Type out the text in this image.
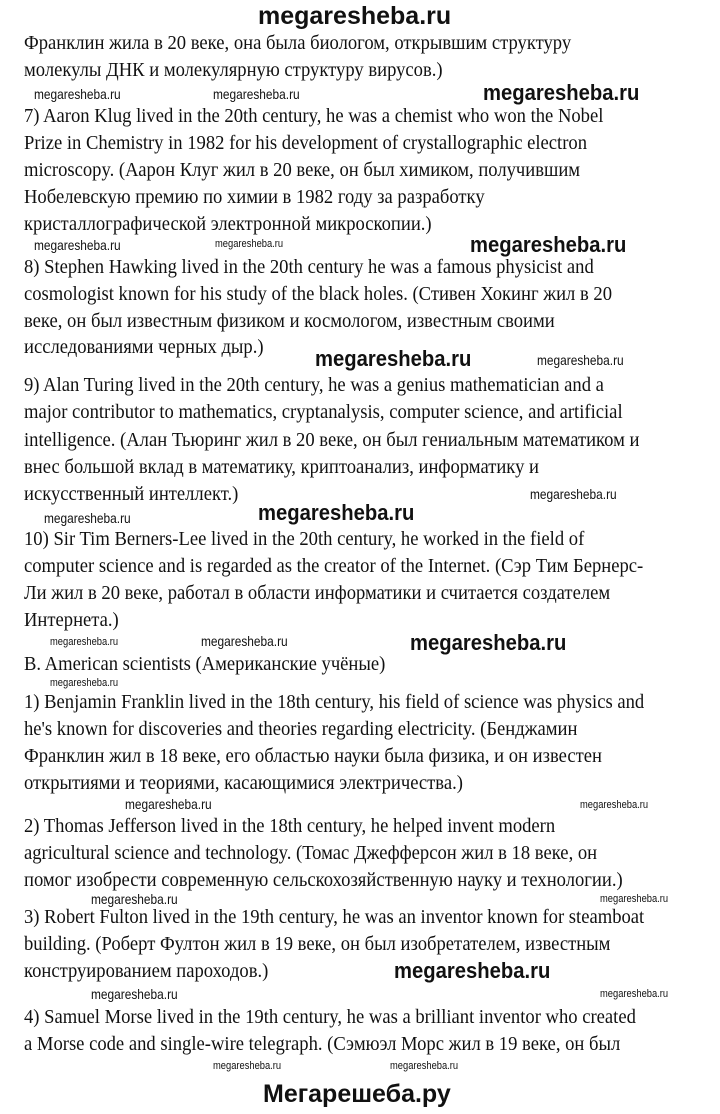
megaresheba.ru
Франклин жила в 20 веке, она была биологом, открывшим структуру
молекулы ДНК и молекулярную структуру вирусов.)
7) Aaron Klug lived in the 20th century, he was a chemist who won the Nobel
Prize in Chemistry in 1982 for his development of crystallographic electron
microscopy. (Аарон Клуг жил в 20 веке, он был химиком, получившим
Нобелевскую премию по химии в 1982 году за разработку
кристаллографической электронной микроскопии.)
8) Stephen Hawking lived in the 20th century he was a famous physicist and
cosmologist known for his study of the black holes. (Стивен Хокинг жил в 20
веке, он был известным физиком и космологом, известным своими
исследованиями черных дыр.)
9) Alan Turing lived in the 20th century, he was a genius mathematician and a
major contributor to mathematics, cryptanalysis, computer science, and artificial
intelligence. (Алан Тьюринг жил в 20 веке, он был гениальным математиком и
внес большой вклад в математику, криптоанализ, информатику и
искусственный интеллект.)
10) Sir Tim Berners-Lee lived in the 20th century, he worked in the field of
computer science and is regarded as the creator of the Internet. (Сэр Тим Бернерс-
Ли жил в 20 веке, работал в области информатики и считается создателем
Интернета.)
B. American scientists (Американские учёные)
1) Benjamin Franklin lived in the 18th century, his field of science was physics and
he's known for discoveries and theories regarding electricity. (Бенджамин
Франклин жил в 18 веке, его областью науки была физика, и он известен
открытиями и теориями, касающимися электричества.)
2) Thomas Jefferson lived in the 18th century, he helped invent modern
agricultural science and technology. (Томас Джефферсон жил в 18 веке, он
помог изобрести современную сельскохозяйственную науку и технологии.)
3) Robert Fulton lived in the 19th century, he was an inventor known for steamboat
building. (Роберт Фултон жил в 19 веке, он был изобретателем, известным
конструированием пароходов.)
4) Samuel Morse lived in the 19th century, he was a brilliant inventor who created
a Morse code and single-wire telegraph. (Сэмюэл Морс жил в 19 веке, он был
megaresheba.ru	megaresheba.ru	megaresheba.ru
megaresheba.ru
megaresheba.ru	megaresheba.ru
megaresheba.ru	megaresheba.ru
megaresheba.ru
megaresheba.ru	megaresheba.ru
megaresheba.ru	megaresheba.ru	megaresheba.ru
megaresheba.ru
megaresheba.ru	megaresheba.ru
megaresheba.ru
megaresheba.ru	megaresheba.ru
megaresheba.ru	megaresheba.ru
megaresheba.ru	megaresheba.ru
Мегарешеба.ру
